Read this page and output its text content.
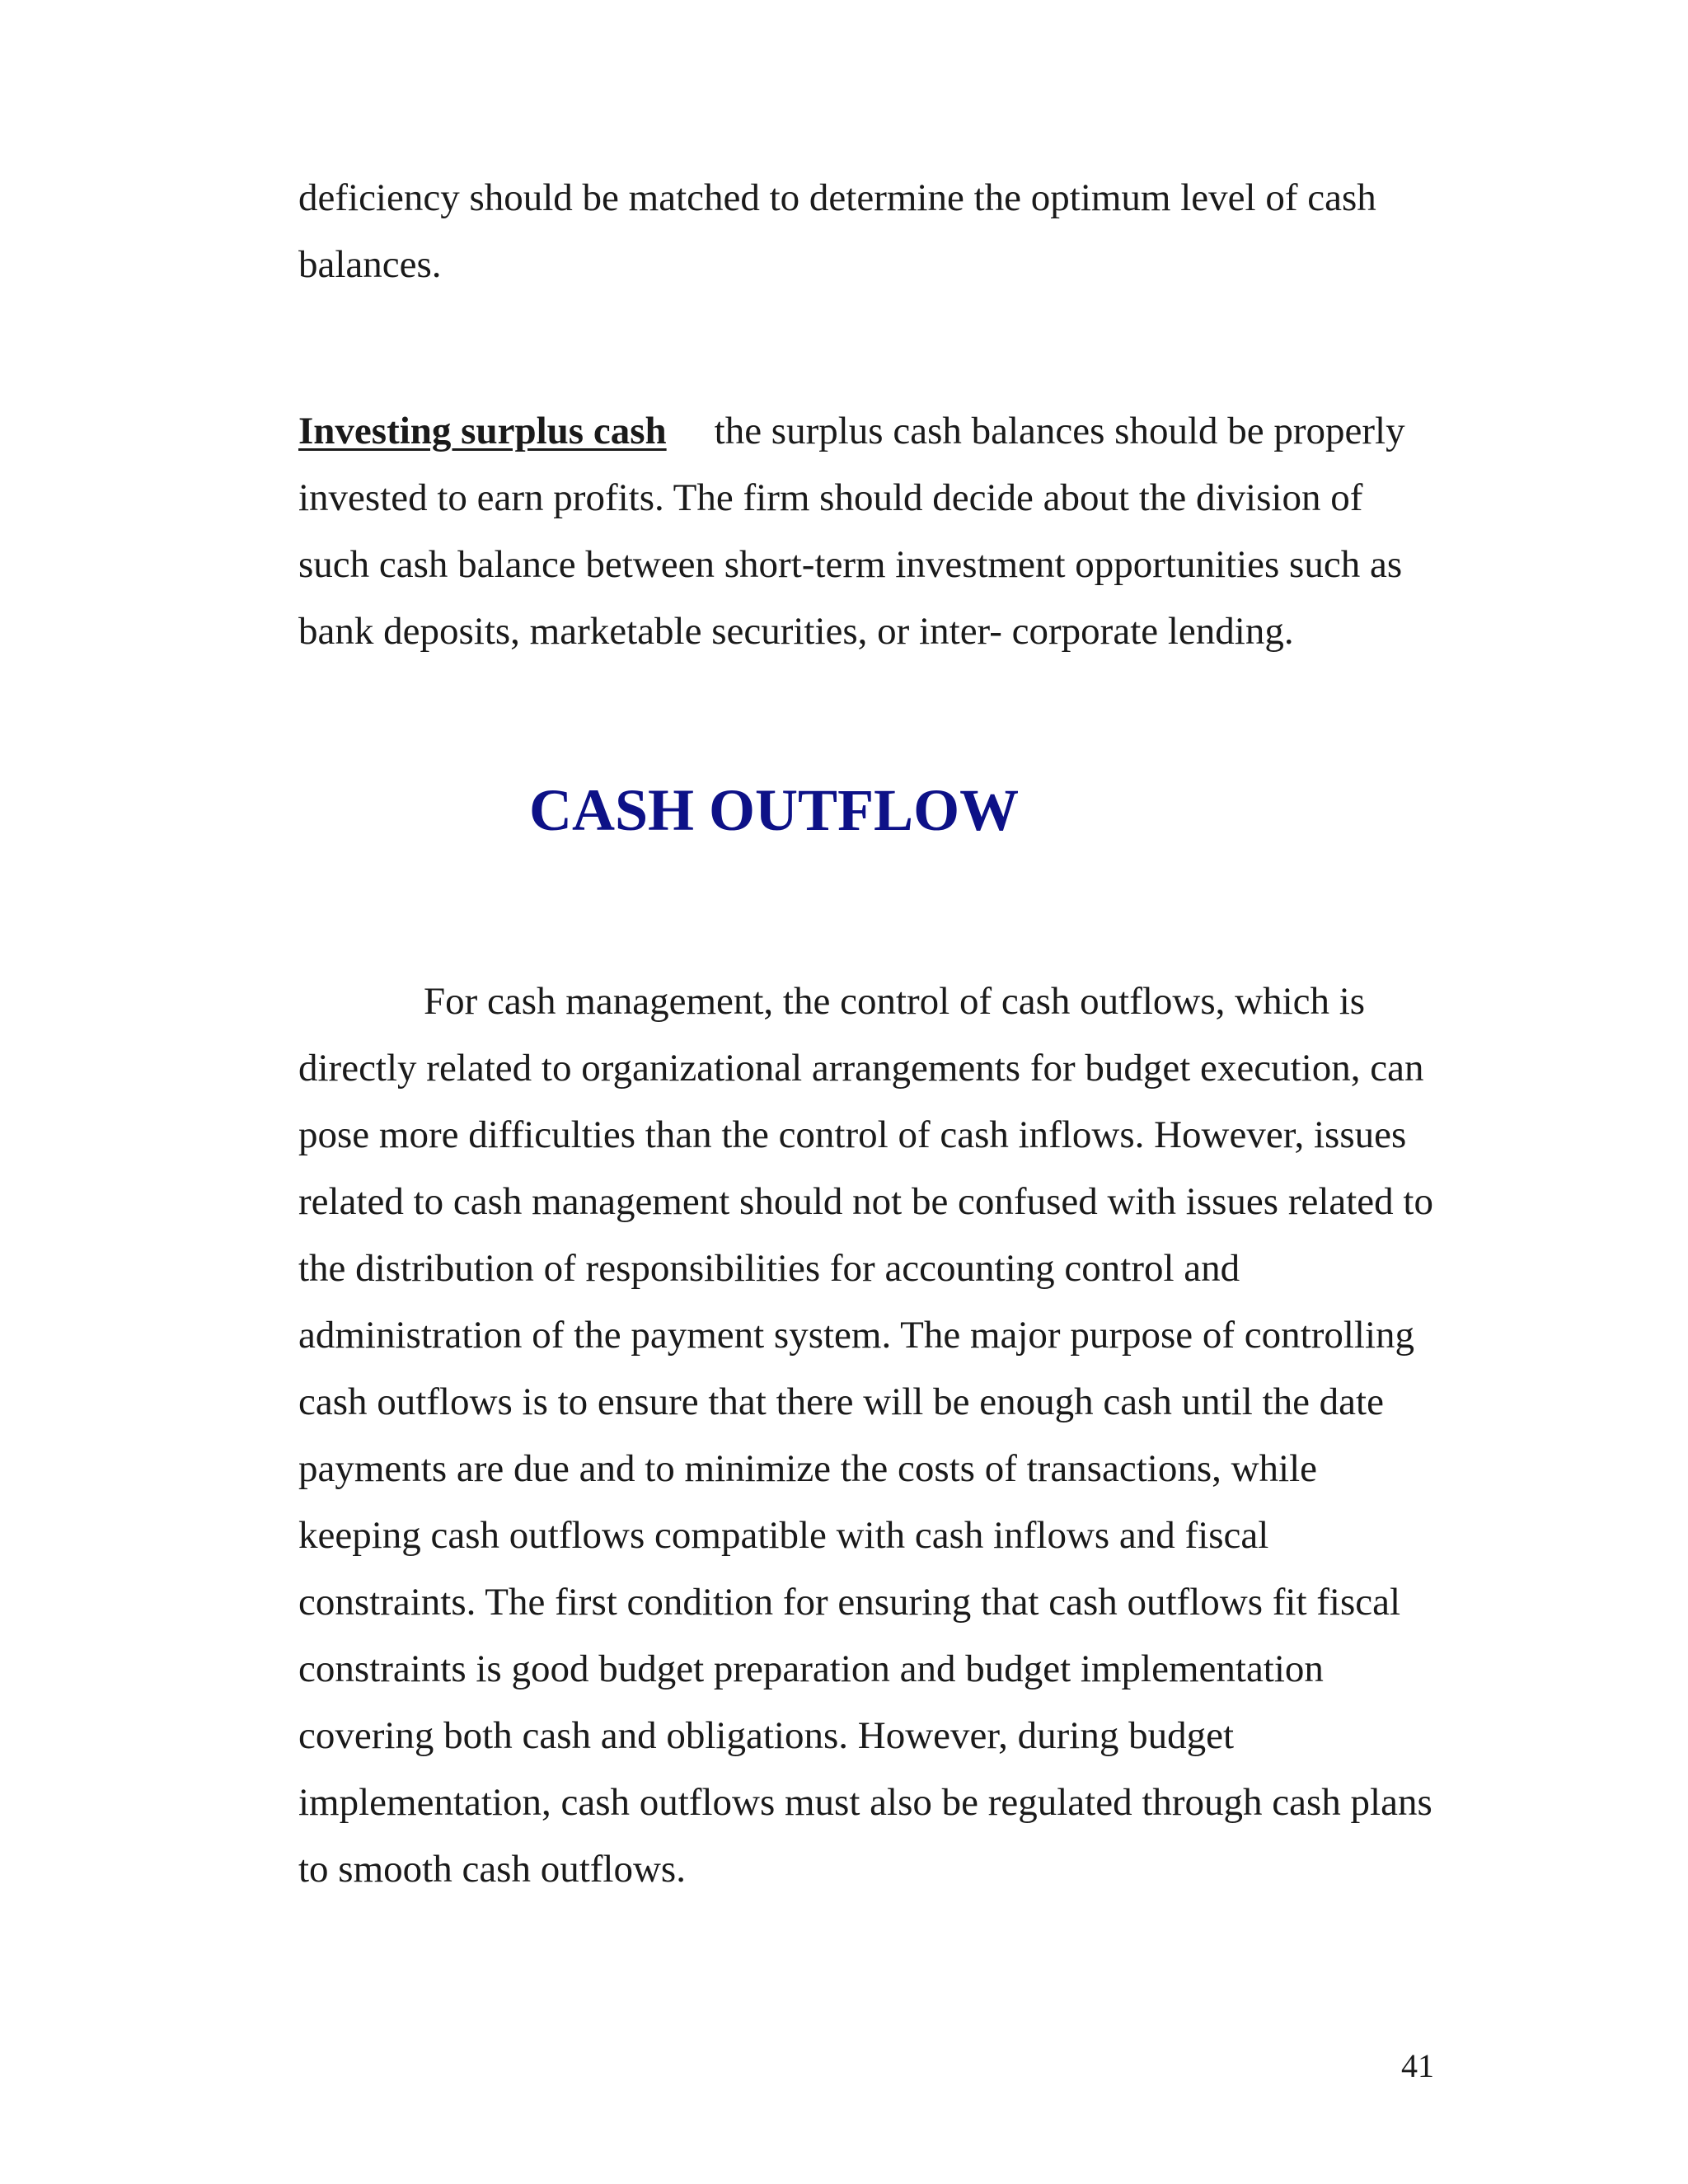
deficiency should be matched to determine the optimum level of cash

balances.

Investing surplus cash the surplus cash balances should be properly

invested to earn profits. The firm should decide about the division of

such cash balance between short-term investment opportunities such as

bank deposits, marketable securities, or inter- corporate lending.

CASH OUTFLOW

For cash management, the control of cash outflows, which is

directly related to organizational arrangements for budget execution, can

pose more difficulties than the control of cash inflows. However, issues

related to cash management should not be confused with issues related to

the distribution of responsibilities for accounting control and

administration of the payment system. The major purpose of controlling

cash outflows is to ensure that there will be enough cash until the date

payments are due and to minimize the costs of transactions, while

keeping cash outflows compatible with cash inflows and fiscal

constraints. The first condition for ensuring that cash outflows fit fiscal

constraints is good budget preparation and budget implementation

covering both cash and obligations. However, during budget

implementation, cash outflows must also be regulated through cash plans

to smooth cash outflows.

41
